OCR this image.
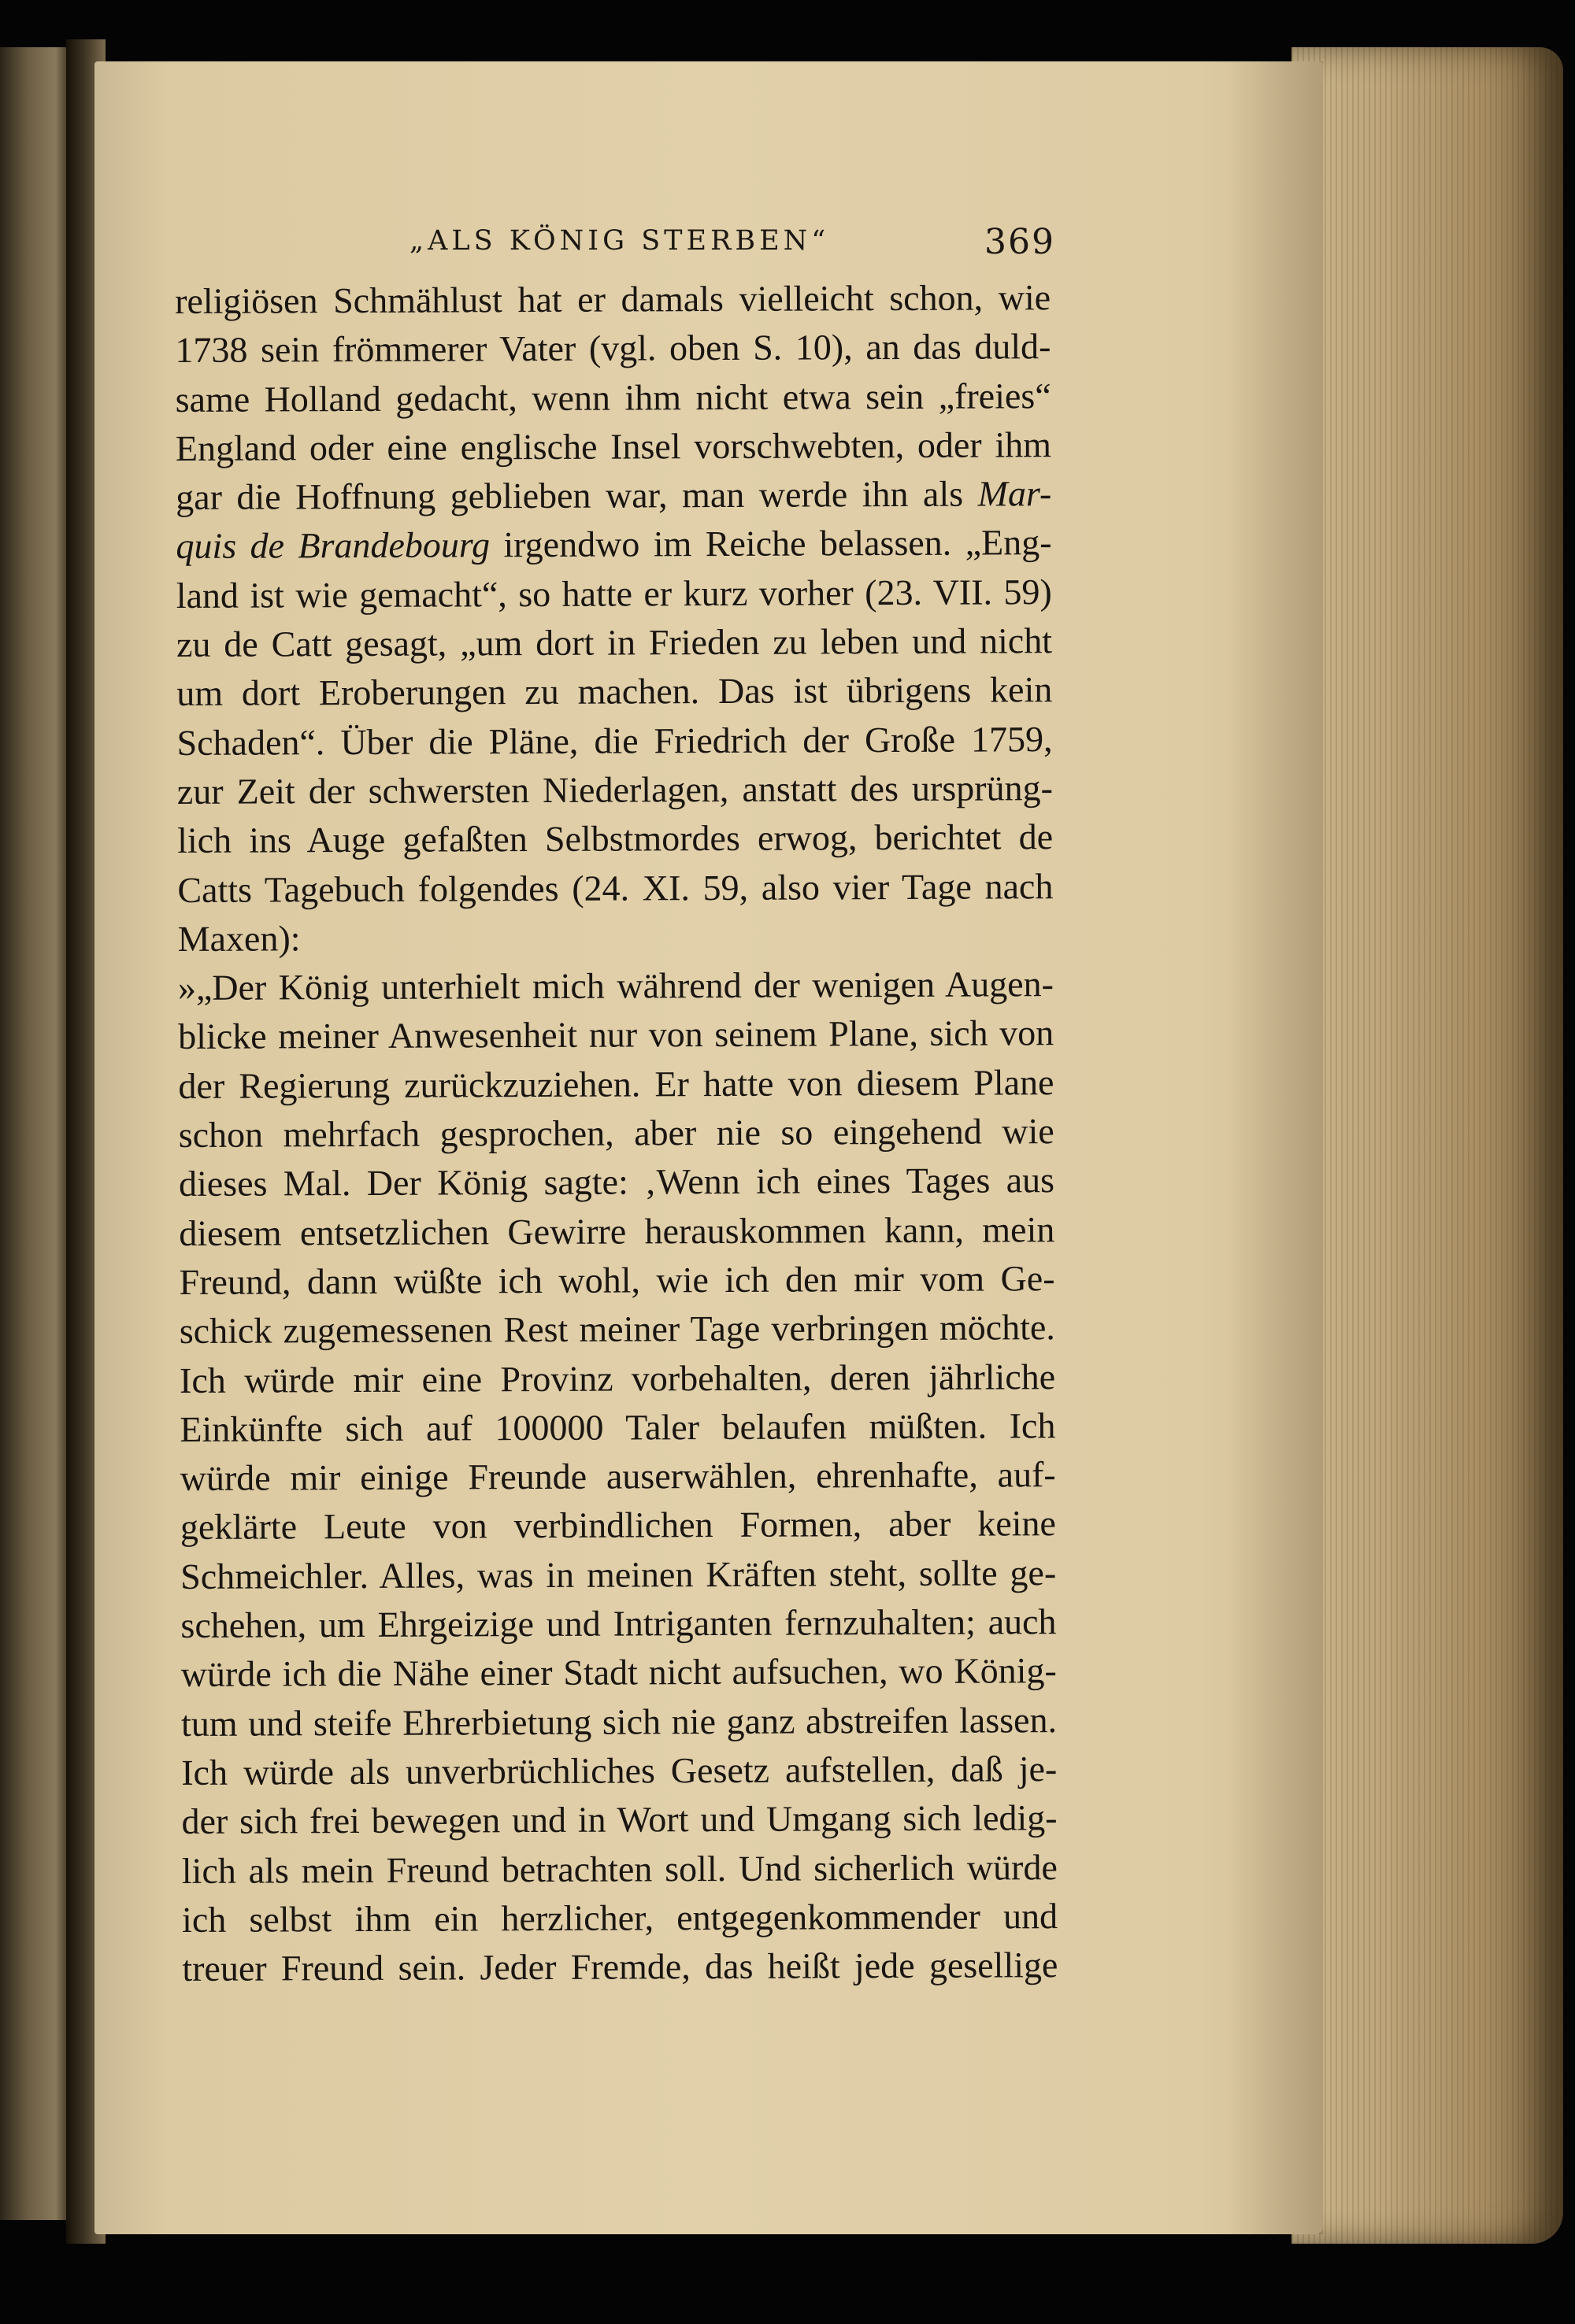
„ALS KÖNIG STERBEN“	369
religiösen Schmählust hat er damals vielleicht schon, wie
1738 sein frömmerer Vater (vgl. oben S. 10), an das duld-
same Holland gedacht, wenn ihm nicht etwa sein „freies“
England oder eine englische Insel vorschwebten, oder ihm
gar die Hoffnung geblieben war, man werde ihn als Mar-
quis de Brandebourg irgendwo im Reiche belassen. „Eng-
land ist wie gemacht“, so hatte er kurz vorher (23. VII. 59)
zu de Catt gesagt, „um dort in Frieden zu leben und nicht
um dort Eroberungen zu machen. Das ist übrigens kein
Schaden“. Über die Pläne, die Friedrich der Große 1759,
zur Zeit der schwersten Niederlagen, anstatt des ursprüng-
lich ins Auge gefaßten Selbstmordes erwog, berichtet de
Catts Tagebuch folgendes (24. XI. 59, also vier Tage nach
Maxen):
»„Der König unterhielt mich während der wenigen Augen-
blicke meiner Anwesenheit nur von seinem Plane, sich von
der Regierung zurückzuziehen. Er hatte von diesem Plane
schon mehrfach gesprochen, aber nie so eingehend wie
dieses Mal. Der König sagte: ‚Wenn ich eines Tages aus
diesem entsetzlichen Gewirre herauskommen kann, mein
Freund, dann wüßte ich wohl, wie ich den mir vom Ge-
schick zugemessenen Rest meiner Tage verbringen möchte.
Ich würde mir eine Provinz vorbehalten, deren jährliche
Einkünfte sich auf 100000 Taler belaufen müßten. Ich
würde mir einige Freunde auserwählen, ehrenhafte, auf-
geklärte Leute von verbindlichen Formen, aber keine
Schmeichler. Alles, was in meinen Kräften steht, sollte ge-
schehen, um Ehrgeizige und Intriganten fernzuhalten; auch
würde ich die Nähe einer Stadt nicht aufsuchen, wo König-
tum und steife Ehrerbietung sich nie ganz abstreifen lassen.
Ich würde als unverbrüchliches Gesetz aufstellen, daß je-
der sich frei bewegen und in Wort und Umgang sich ledig-
lich als mein Freund betrachten soll. Und sicherlich würde
ich selbst ihm ein herzlicher, entgegenkommender und
treuer Freund sein. Jeder Fremde, das heißt jede gesellige
